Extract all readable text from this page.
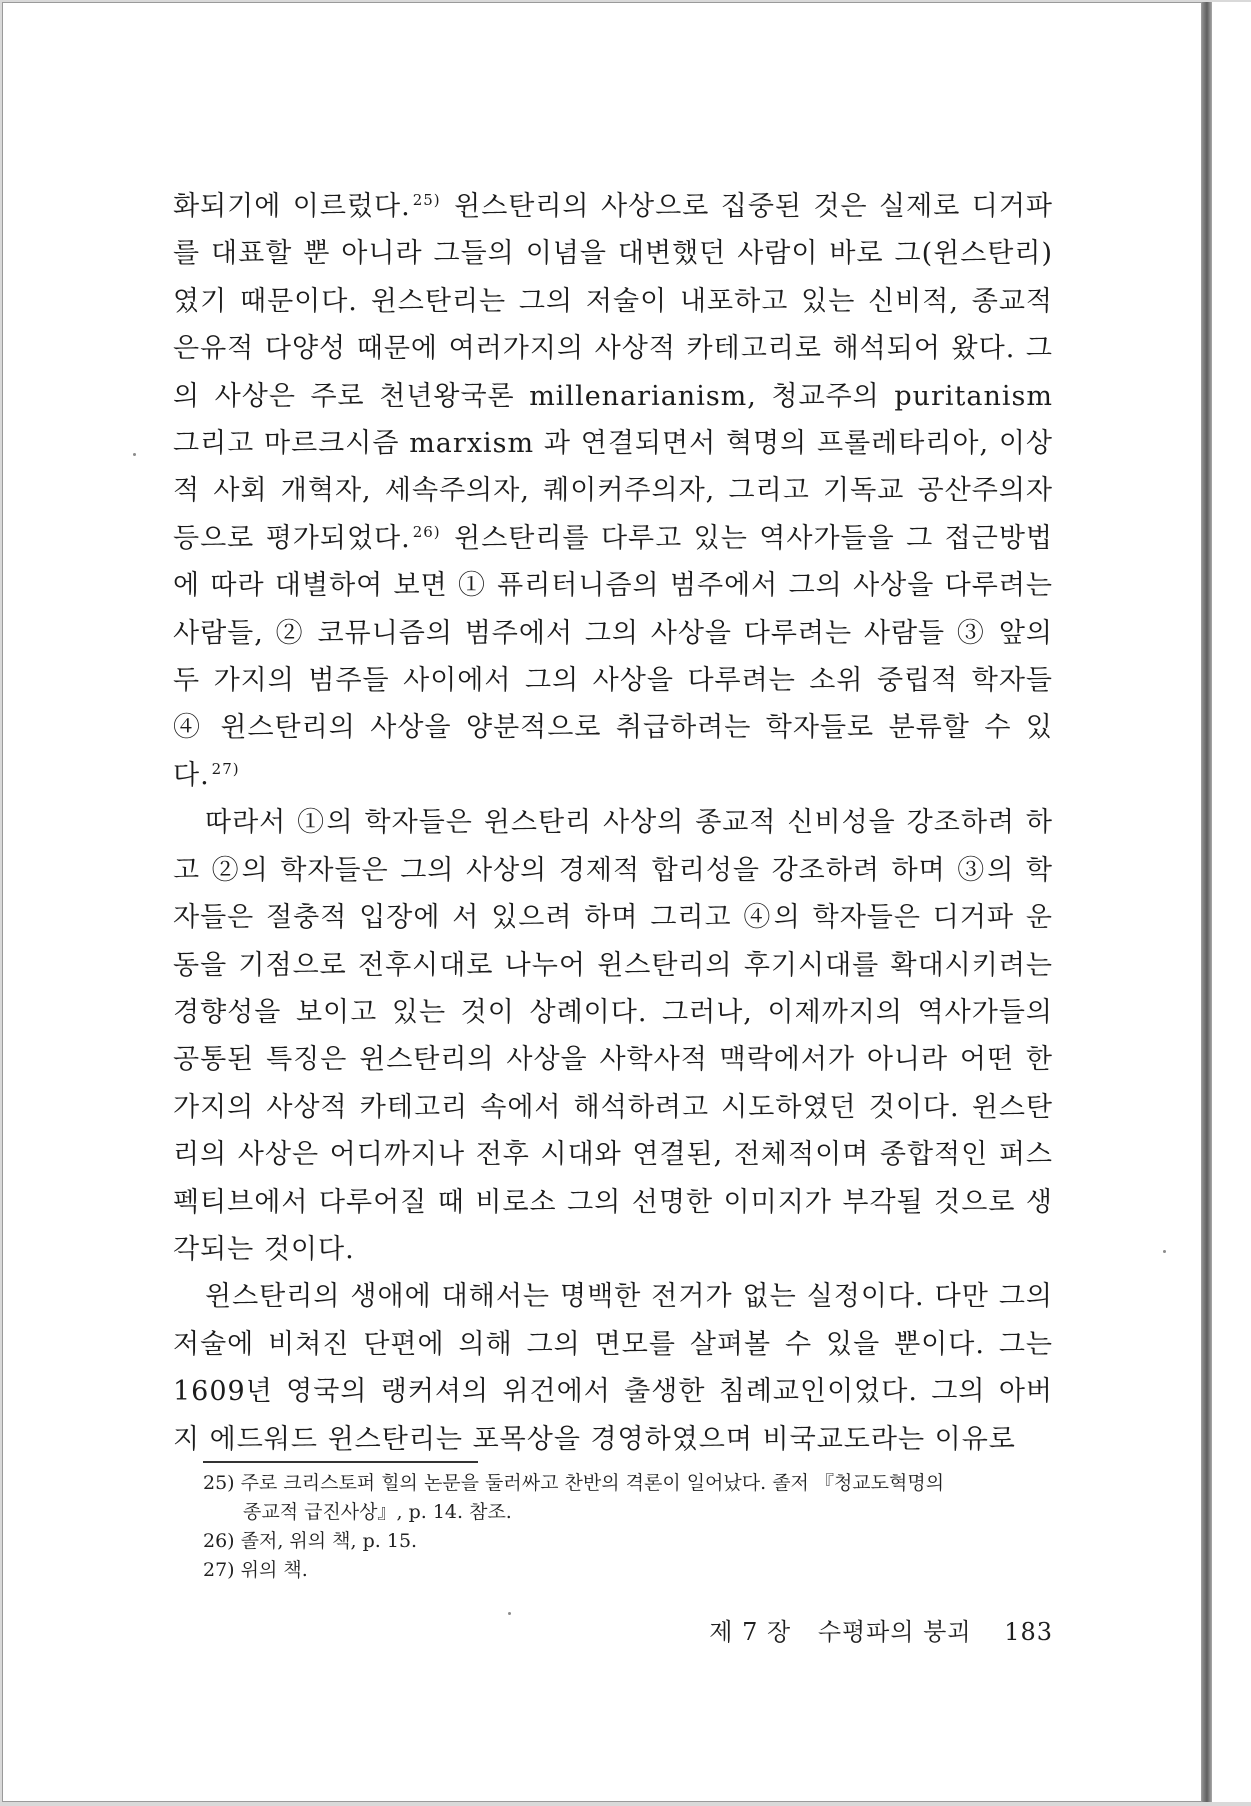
화되기에 이르렀다. $^{25)}$ 윈스탄리의 사상으로 집중된 것은 실제로 디거파를 대표할 뿐 아니라 그들의 이념을 대변했던 사람이 바로 그(윈스탄리)였기 때문이다. 윈스탄리는 그의 저술이 내포하고 있는 신비적, 종교적 은유적 다양성 때문에 여러가지의 사상적 카테고리로 해석되어 왔다. 그의 사상은 주로 천년왕국론 millenarianism, 청교주의 puritanism 그리고 마르크시즘 marxism 과 연결되면서 혁명의 프롤레타리아, 이상적 사회 개혁자, 세속주의자, 퀘이커주의자, 그리고 기독교 공산주의자 등으로 평가되었다. $^{26)}$ 윈스탄리를 다루고 있는 역사가들을 그 접근방법에 따라 대별하여 보면 ① 퓨리터니즘의 범주에서 그의 사상을 다루려는 사람들, ② 코뮤니즘의 범주에서 그의 사상을 다루려는 사람들 ③ 앞의 두 가지의 범주들 사이에서 그의 사상을 다루려는 소위 중립적 학자들 ④ 윈스탄리의 사상을 양분적으로 취급하려는 학자들로 분류할 수 있다. $^{27)}$

따라서 ①의 학자들은 윈스탄리 사상의 종교적 신비성을 강조하려 하고 ②의 학자들은 그의 사상의 경제적 합리성을 강조하려 하며 ③의 학자들은 절충적 입장에 서 있으려 하며 그리고 ④의 학자들은 디거파 운동을 기점으로 전후시대로 나누어 윈스탄리의 후기시대를 확대시키려는 경향성을 보이고 있는 것이 상례이다. 그러나, 이제까지의 역사가들의 공통된 특징은 윈스탄리의 사상을 사학사적 맥락에서가 아니라 어떤 한 가지의 사상적 카테고리 속에서 해석하려고 시도하였던 것이다. 윈스탄리의 사상은 어디까지나 전후 시대와 연결된, 전체적이며 종합적인 퍼스펙티브에서 다루어질 때 비로소 그의 선명한 이미지가 부각될 것으로 생각되는 것이다.

윈스탄리의 생애에 대해서는 명백한 전거가 없는 실정이다. 다만 그의 저술에 비쳐진 단편에 의해 그의 면모를 살펴볼 수 있을 뿐이다. 그는 1609년 영국의 랭커셔의 위건에서 출생한 침례교인이었다. 그의 아버지 에드워드 윈스탄리는 포목상을 경영하였으며 비국교도라는 이유로

25) 주로 크리스토퍼 힐의 논문을 둘러싸고 찬반의 격론이 일어났다. 졸저 『청교도혁명의
종교적 급진사상』, p. 14. 참조.
26) 졸저, 위의 책, p. 15.
27) 위의 책.
제 7 장 수평파의 붕괴 183
